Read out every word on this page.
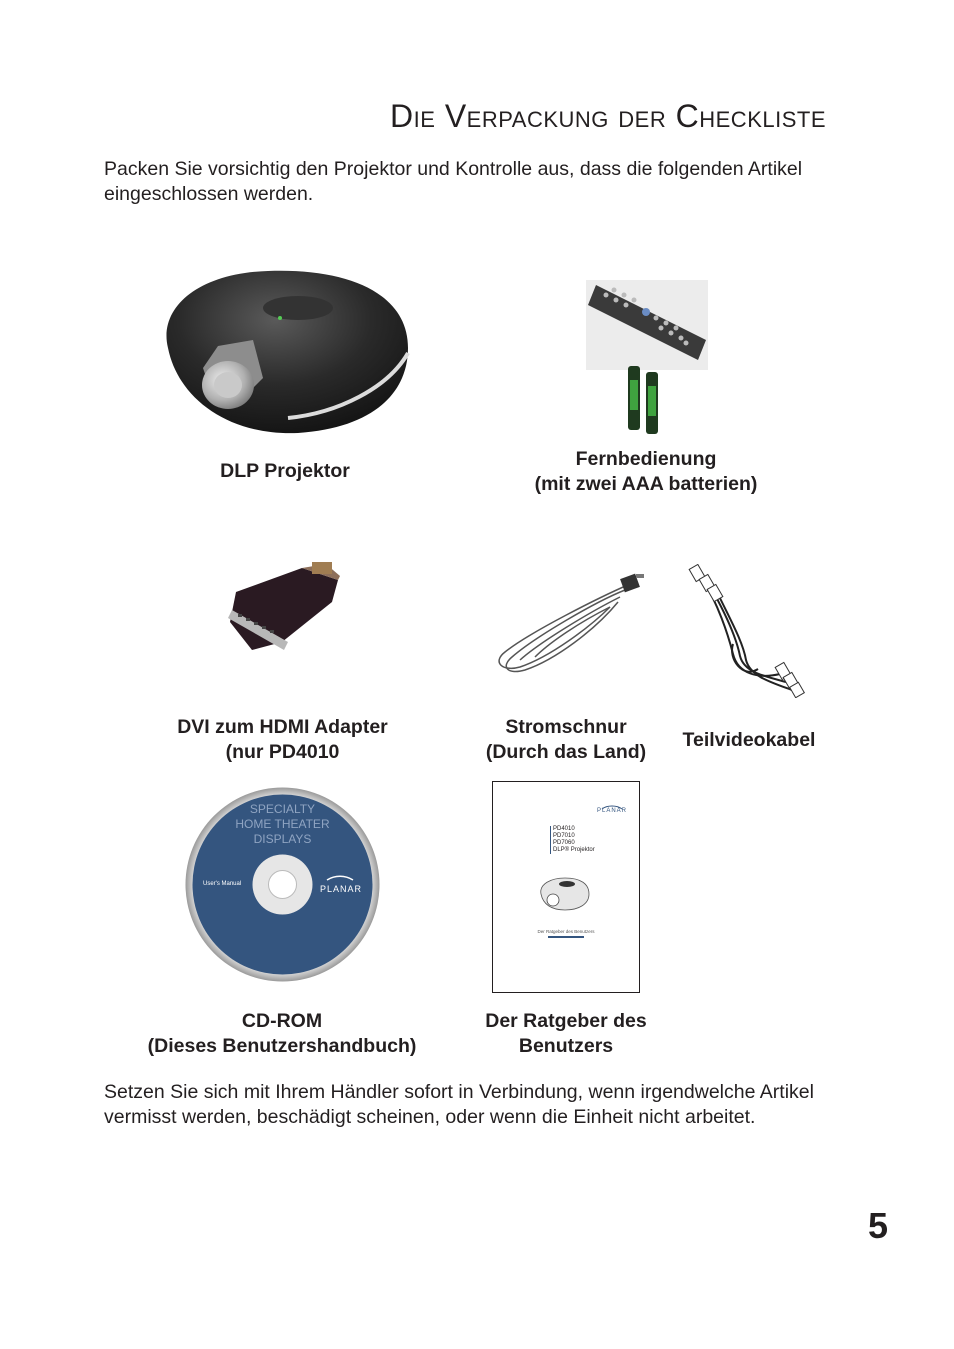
Die Verpackung der Checkliste
Packen Sie vorsichtig den Projektor und Kontrolle aus, dass die folgenden Artikel eingeschlossen werden.
DLP Projektor
Fernbedienung
(mit zwei AAA batterien)
DVI zum HDMI Adapter
(nur PD4010
Stromschnur
(Durch das Land)
Teilvideokabel
SPECIALTY
HOME THEATER
DISPLAYS
User's Manual	PLANAR
CD-ROM
(Dieses Benutzershandbuch)
PLANAR
PD4010
PD7010
PD7060
DLP® Projektor
Der Ratgeber des Benutzers
Der Ratgeber des
Benutzers
Setzen Sie sich mit Ihrem Händler sofort in Verbindung, wenn irgendwelche Artikel vermisst werden, beschädigt scheinen, oder wenn die Einheit nicht arbeitet.
5
